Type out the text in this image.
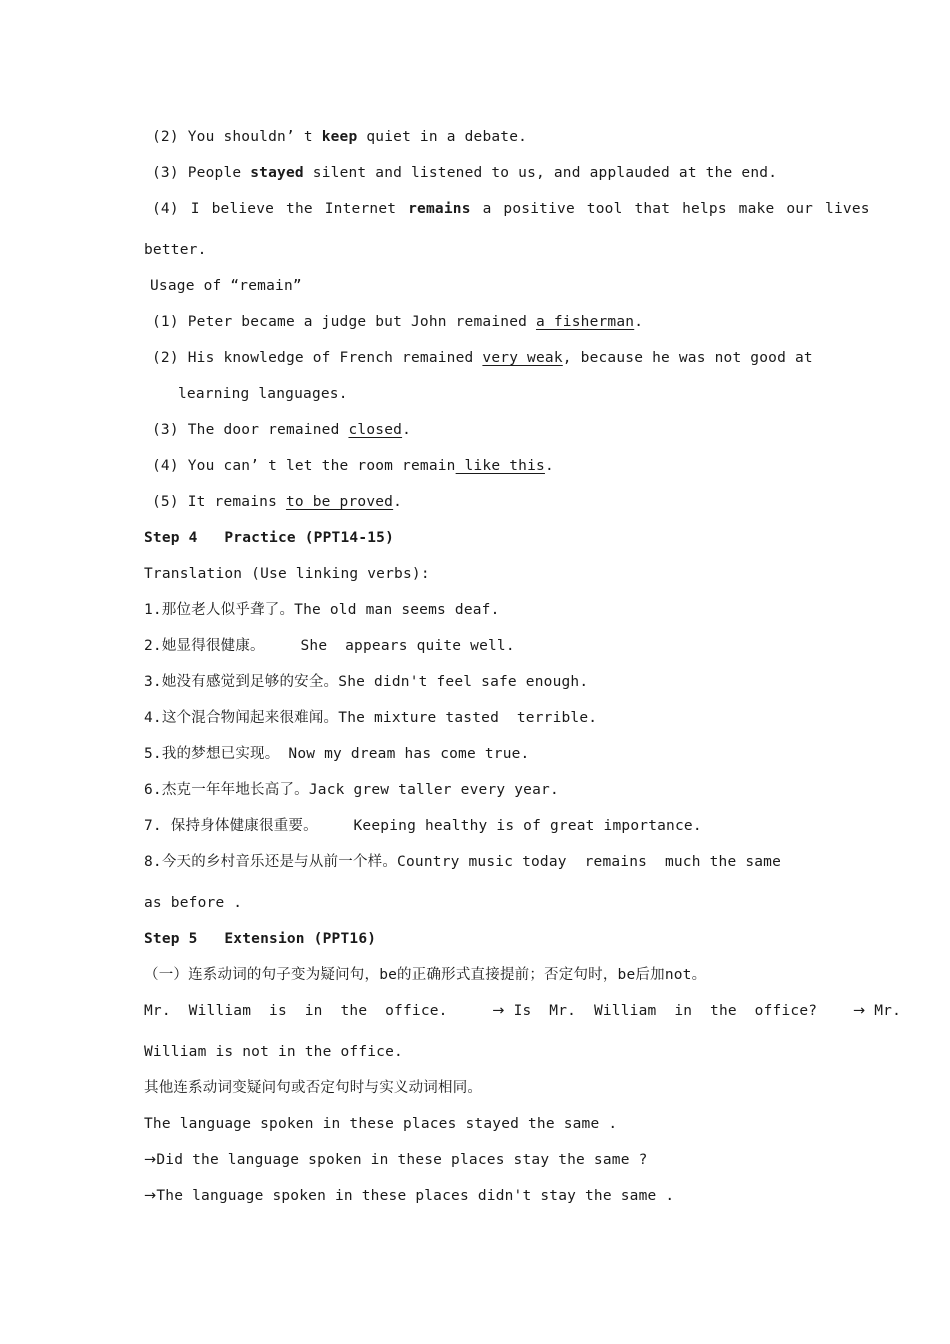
(2) You shouldn’ t keep quiet in a debate.
(3) People stayed silent and listened to us, and applauded at the end.
(4) I believe the Internet remains a positive tool that helps make our lives
better.
Usage of “remain”
(1) Peter became a judge but John remained a fisherman.
(2) His knowledge of French remained very weak, because he was not good at
learning languages.
(3) The door remained closed.
(4) You can’ t let the room remain like this.
(5) It remains to be proved.
Step 4   Practice (PPT14-15)
Translation (Use linking verbs):
1.那位老人似乎聋了。The old man seems deaf.
2.她显得很健康。    She  appears quite well.
3.她没有感觉到足够的安全。She didn't feel safe enough.
4.这个混合物闻起来很难闻。The mixture tasted  terrible.
5.我的梦想已实现。 Now my dream has come true.
6.杰克一年年地长高了。Jack grew taller every year.
7. 保持身体健康很重要。    Keeping healthy is of great importance.
8.今天的乡村音乐还是与从前一个样。Country music today  remains  much the same
as before .
Step 5   Extension (PPT16)
（一）连系动词的句子变为疑问句，be的正确形式直接提前；否定句时，be后加not。
Mr.  William  is  in  the  office.	→ Is  Mr.  William  in  the  office? → Mr.
William is not in the office.
其他连系动词变疑问句或否定句时与实义动词相同。
The language spoken in these places stayed the same .
→Did the language spoken in these places stay the same ?
→The language spoken in these places didn't stay the same .
